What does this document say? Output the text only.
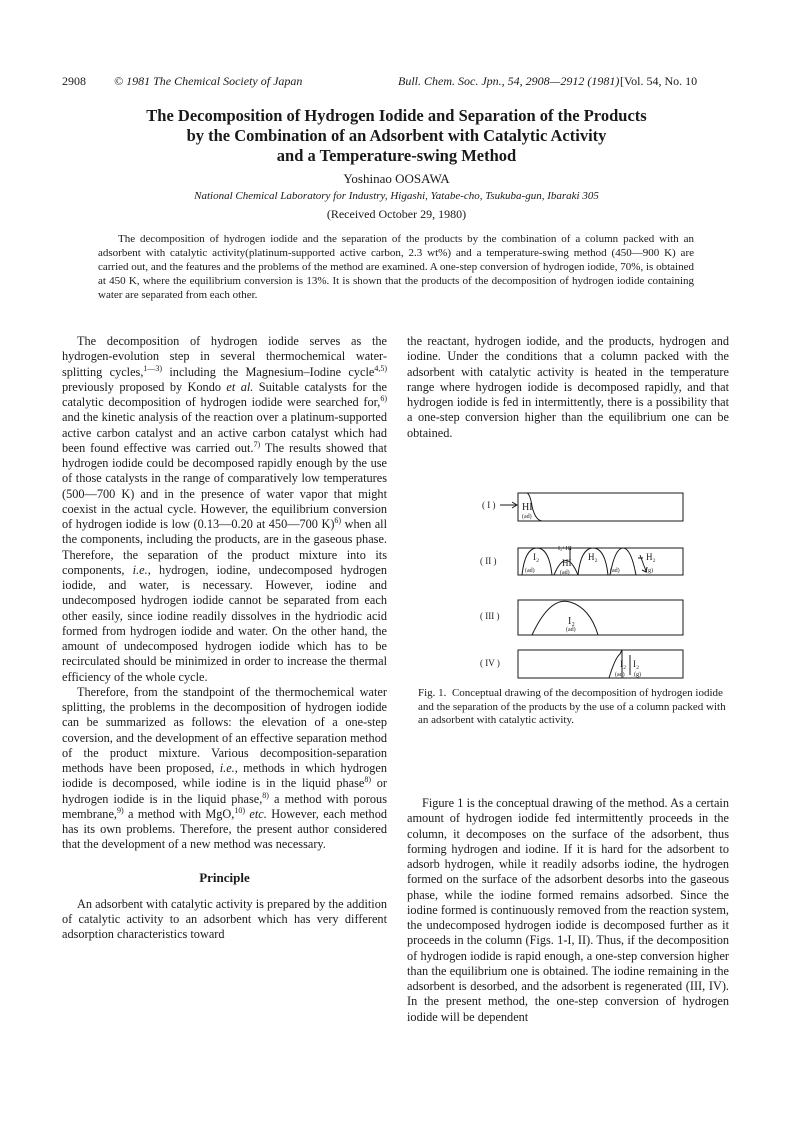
2908 © 1981 The Chemical Society of Japan	Bull. Chem. Soc. Jpn., 54, 2908—2912 (1981) [Vol. 54, No. 10
The Decomposition of Hydrogen Iodide and Separation of the Products
by the Combination of an Adsorbent with Catalytic Activity
and a Temperature-swing Method
Yoshinao OOSAWA
National Chemical Laboratory for Industry, Higashi, Yatabe-cho, Tsukuba-gun, Ibaraki 305
(Received October 29, 1980)
The decomposition of hydrogen iodide and the separation of the products by the combination of a column packed with an adsorbent with catalytic activity(platinum-supported active carbon, 2.3 wt%) and a temperature-swing method (450—900 K) are carried out, and the features and the problems of the method are examined. A one-step conversion of hydrogen iodide, 70%, is obtained at 450 K, where the equilibrium conversion is 13%. It is shown that the products of the decomposition of hydrogen iodide containing water are separated from each other.

The decomposition of hydrogen iodide serves as the hydrogen-evolution step in several thermochemical water-splitting cycles,$^{1—3)}$ including the Magnesium–Iodine cycle$^{4,5)}$ previously proposed by Kondo et al. Suitable catalysts for the catalytic decomposition of hydrogen iodide were searched for,$^{6)}$ and the kinetic analysis of the reaction over a platinum-supported active carbon catalyst and an active carbon catalyst which had been found effective was carried out.$^{7)}$ The results showed that hydrogen iodide could be decomposed rapidly enough by the use of those catalysts in the range of comparatively low temperatures (500—700 K) and in the presence of water vapor that might coexist in the actual cycle. However, the equilibrium conversion of hydrogen iodide is low (0.13—0.20 at 450—700 K)$^{6)}$ when all the components, including the products, are in the gaseous phase. Therefore, the separation of the product mixture into its components, i.e., hydrogen, iodine, undecomposed hydrogen iodide, and water, is necessary. However, iodine and undecomposed hydrogen iodide cannot be separated from each other easily, since iodine readily dissolves in the hydriodic acid formed from hydrogen iodide and water. On the other hand, the amount of undecomposed hydrogen iodide which has to be recirculated should be minimized in order to increase the thermal efficiency of the whole cycle.

Therefore, from the standpoint of the thermochemical water splitting, the problems in the decomposition of hydrogen iodide can be summarized as follows: the elevation of a one-step coversion, and the development of an effective separation method of the product mixture. Various decomposition-separation methods have been proposed, i.e., methods in which hydrogen iodide is decomposed, while iodine is in the liquid phase$^{8)}$ or hydrogen iodide is in the liquid phase,$^{8)}$ a method with porous membrane,$^{9)}$ a method with MgO,$^{10)}$ etc. However, each method has its own problems. Therefore, the present author considered that the development of a new method was necessary.

Principle

An adsorbent with catalytic activity is prepared by the addition of catalytic activity to an adsorbent which has very different adsorption characteristics toward

the reactant, hydrogen iodide, and the products, hydrogen and iodine. Under the conditions that a column packed with the adsorbent with catalytic activity is heated in the temperature range where hydrogen iodide is decomposed rapidly, and that hydrogen iodide is fed in intermittently, there is a possibility that a one-step conversion higher than the equilibrium one can be obtained.

( I )
( II )
( III )
( IV )
HI
(ad)
I₂
(ad)
I₂+HI
HI
(ad)
H₂
(ad)
H₂
(g)
I₂
(ad)
I₂
(ad)
I₂
(g)
Fig. 1. Conceptual drawing of the decomposition of hydrogen iodide and the separation of the products by the use of a column packed with an adsorbent with catalytic activity.

Figure 1 is the conceptual drawing of the method. As a certain amount of hydrogen iodide fed intermittently proceeds in the column, it decomposes on the surface of the adsorbent, thus forming hydrogen and iodine. If it is hard for the adsorbent to adsorb hydrogen, while it readily adsorbs iodine, the hydrogen formed on the surface of the adsorbent desorbs into the gaseous phase, while the iodine formed remains adsorbed. Since the iodine formed is continuously removed from the reaction system, the undecomposed hydrogen iodide is decomposed further as it proceeds in the column (Figs. 1-I, II). Thus, if the decomposition of hydrogen iodide is rapid enough, a one-step conversion higher than the equilibrium one is obtained. The iodine remaining in the adsorbent is desorbed, and the adsorbent is regenerated (III, IV). In the present method, the one-step conversion of hydrogen iodide will be dependent
